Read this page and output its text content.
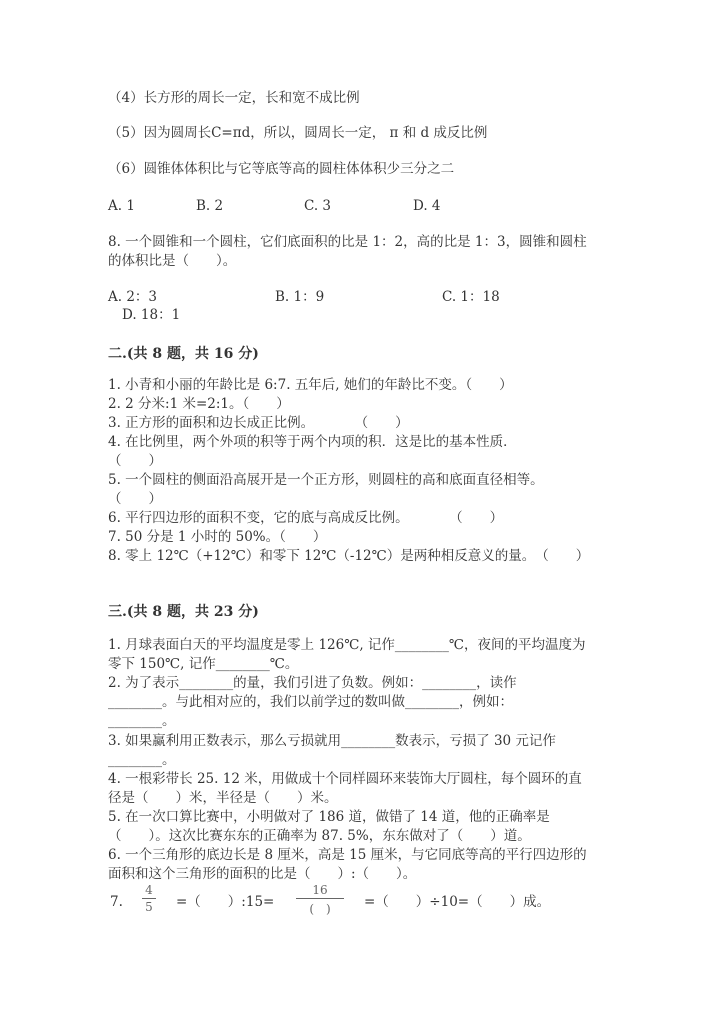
（4）长方形的周长一定，长和宽不成比例
（5）因为圆周长C=πd，所以，圆周长一定， π 和 d 成反比例
（6）圆锥体体积比与它等底等高的圆柱体体积少三分之二
A. 1	B. 2	C. 3	D. 4
8. 一个圆锥和一个圆柱，它们底面积的比是 1：2，高的比是 1：3，圆锥和圆柱
的体积比是（　　）。
A. 2：3	B. 1：9	C. 1：18
D. 18：1
二.(共 8 题，共 16 分)
1. 小青和小丽的年龄比是 6:7. 五年后, 她们的年龄比不变。（　　）
2. 2 分米:1 米=2:1。（　　）
3. 正方形的面积和边长成正比例。　　　　（　　）
4. 在比例里，两个外项的积等于两个内项的积．这是比的基本性质．
（　　）
5. 一个圆柱的侧面沿高展开是一个正方形，则圆柱的高和底面直径相等。
（　　）
6. 平行四边形的面积不变，它的底与高成反比例。　　　　（　　）
7. 50 分是 1 小时的 50%。（　　）
8. 零上 12℃（+12℃）和零下 12℃（-12℃）是两种相反意义的量。　（　　）
三.(共 8 题，共 23 分)
1. 月球表面白天的平均温度是零上 126℃, 记作________℃，夜间的平均温度为
零下 150℃, 记作________℃。
2. 为了表示________的量，我们引进了负数。例如：________，读作
________。与此相对应的，我们以前学过的数叫做________，例如：
________。
3. 如果赢利用正数表示，那么亏损就用________数表示，亏损了 30 元记作
________。
4. 一根彩带长 25. 12 米，用做成十个同样圆环来装饰大厅圆柱，每个圆环的直
径是（　　）米，半径是（　　）米。
5. 在一次口算比赛中，小明做对了 186 道，做错了 14 道，他的正确率是
（　　）。这次比赛东东的正确率为 87. 5%，东东做对了（　　）道。
6. 一个三角形的底边长是 8 厘米，高是 15 厘米，与它同底等高的平行四边形的
面积和这个三角形的面积的比是（　　）:（　　）。
7.
4
5 =（　　）:15=
16
(　)	=（　　）÷10=（　　）成。
